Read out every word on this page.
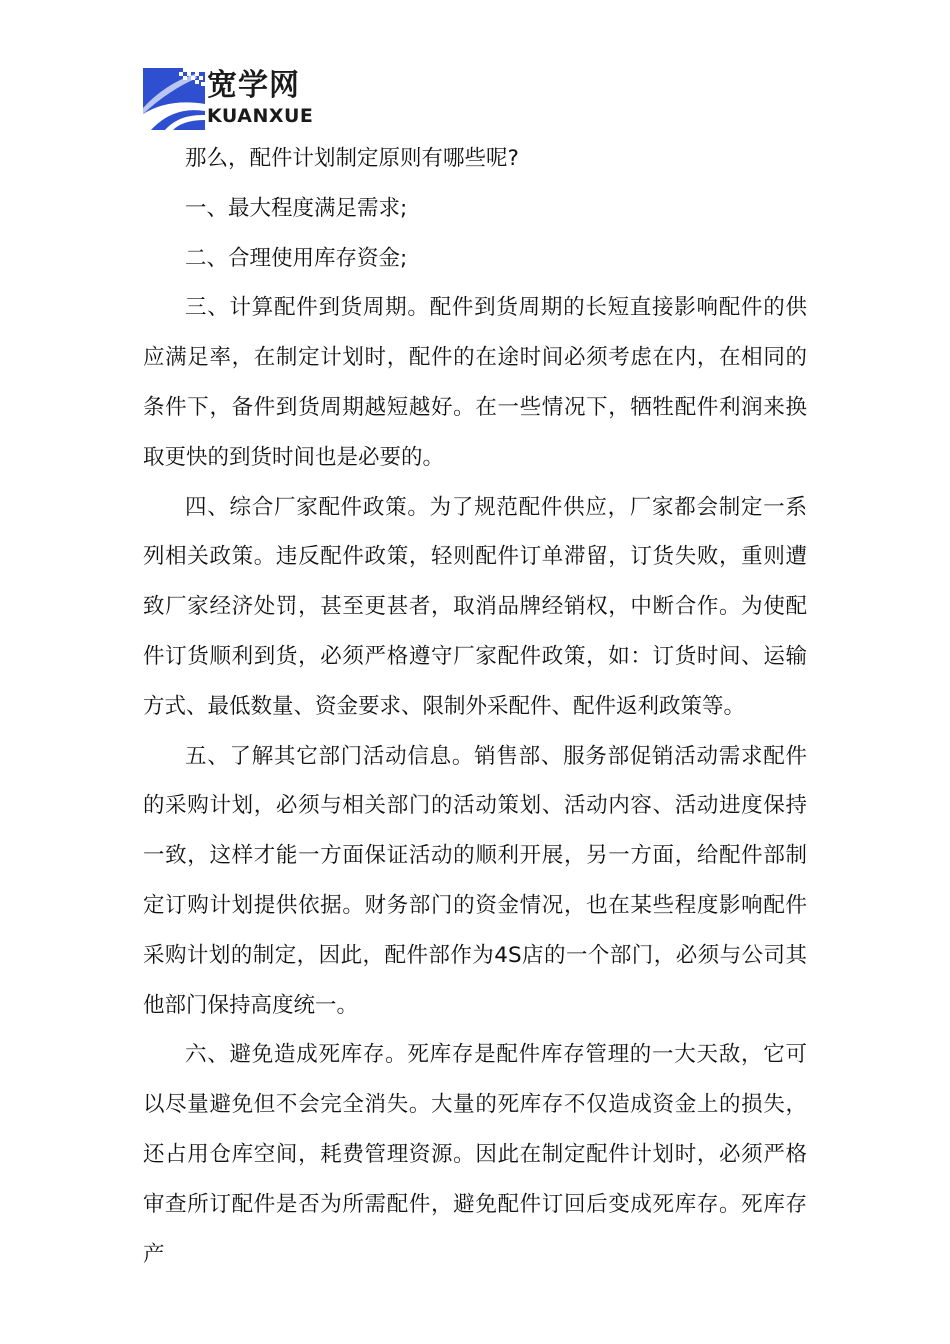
宽学网
KUANXUE

那么，配件计划制定原则有哪些呢?

一、最大程度满足需求;

二、合理使用库存资金;

三、计算配件到货周期。配件到货周期的长短直接影响配件的供应满足率，在制定计划时，配件的在途时间必须考虑在内，在相同的条件下，备件到货周期越短越好。在一些情况下，牺牲配件利润来换取更快的到货时间也是必要的。

四、综合厂家配件政策。为了规范配件供应，厂家都会制定一系列相关政策。违反配件政策，轻则配件订单滞留，订货失败，重则遭致厂家经济处罚，甚至更甚者，取消品牌经销权，中断合作。为使配件订货顺利到货，必须严格遵守厂家配件政策，如：订货时间、运输方式、最低数量、资金要求、限制外采配件、配件返利政策等。

五、了解其它部门活动信息。销售部、服务部促销活动需求配件的采购计划，必须与相关部门的活动策划、活动内容、活动进度保持一致，这样才能一方面保证活动的顺利开展，另一方面，给配件部制定订购计划提供依据。财务部门的资金情况，也在某些程度影响配件采购计划的制定，因此，配件部作为4S店的一个部门，必须与公司其他部门保持高度统一。

六、避免造成死库存。死库存是配件库存管理的一大天敌，它可以尽量避免但不会完全消失。大量的死库存不仅造成资金上的损失，还占用仓库空间，耗费管理资源。因此在制定配件计划时，必须严格审查所订配件是否为所需配件，避免配件订回后变成死库存。死库存产
